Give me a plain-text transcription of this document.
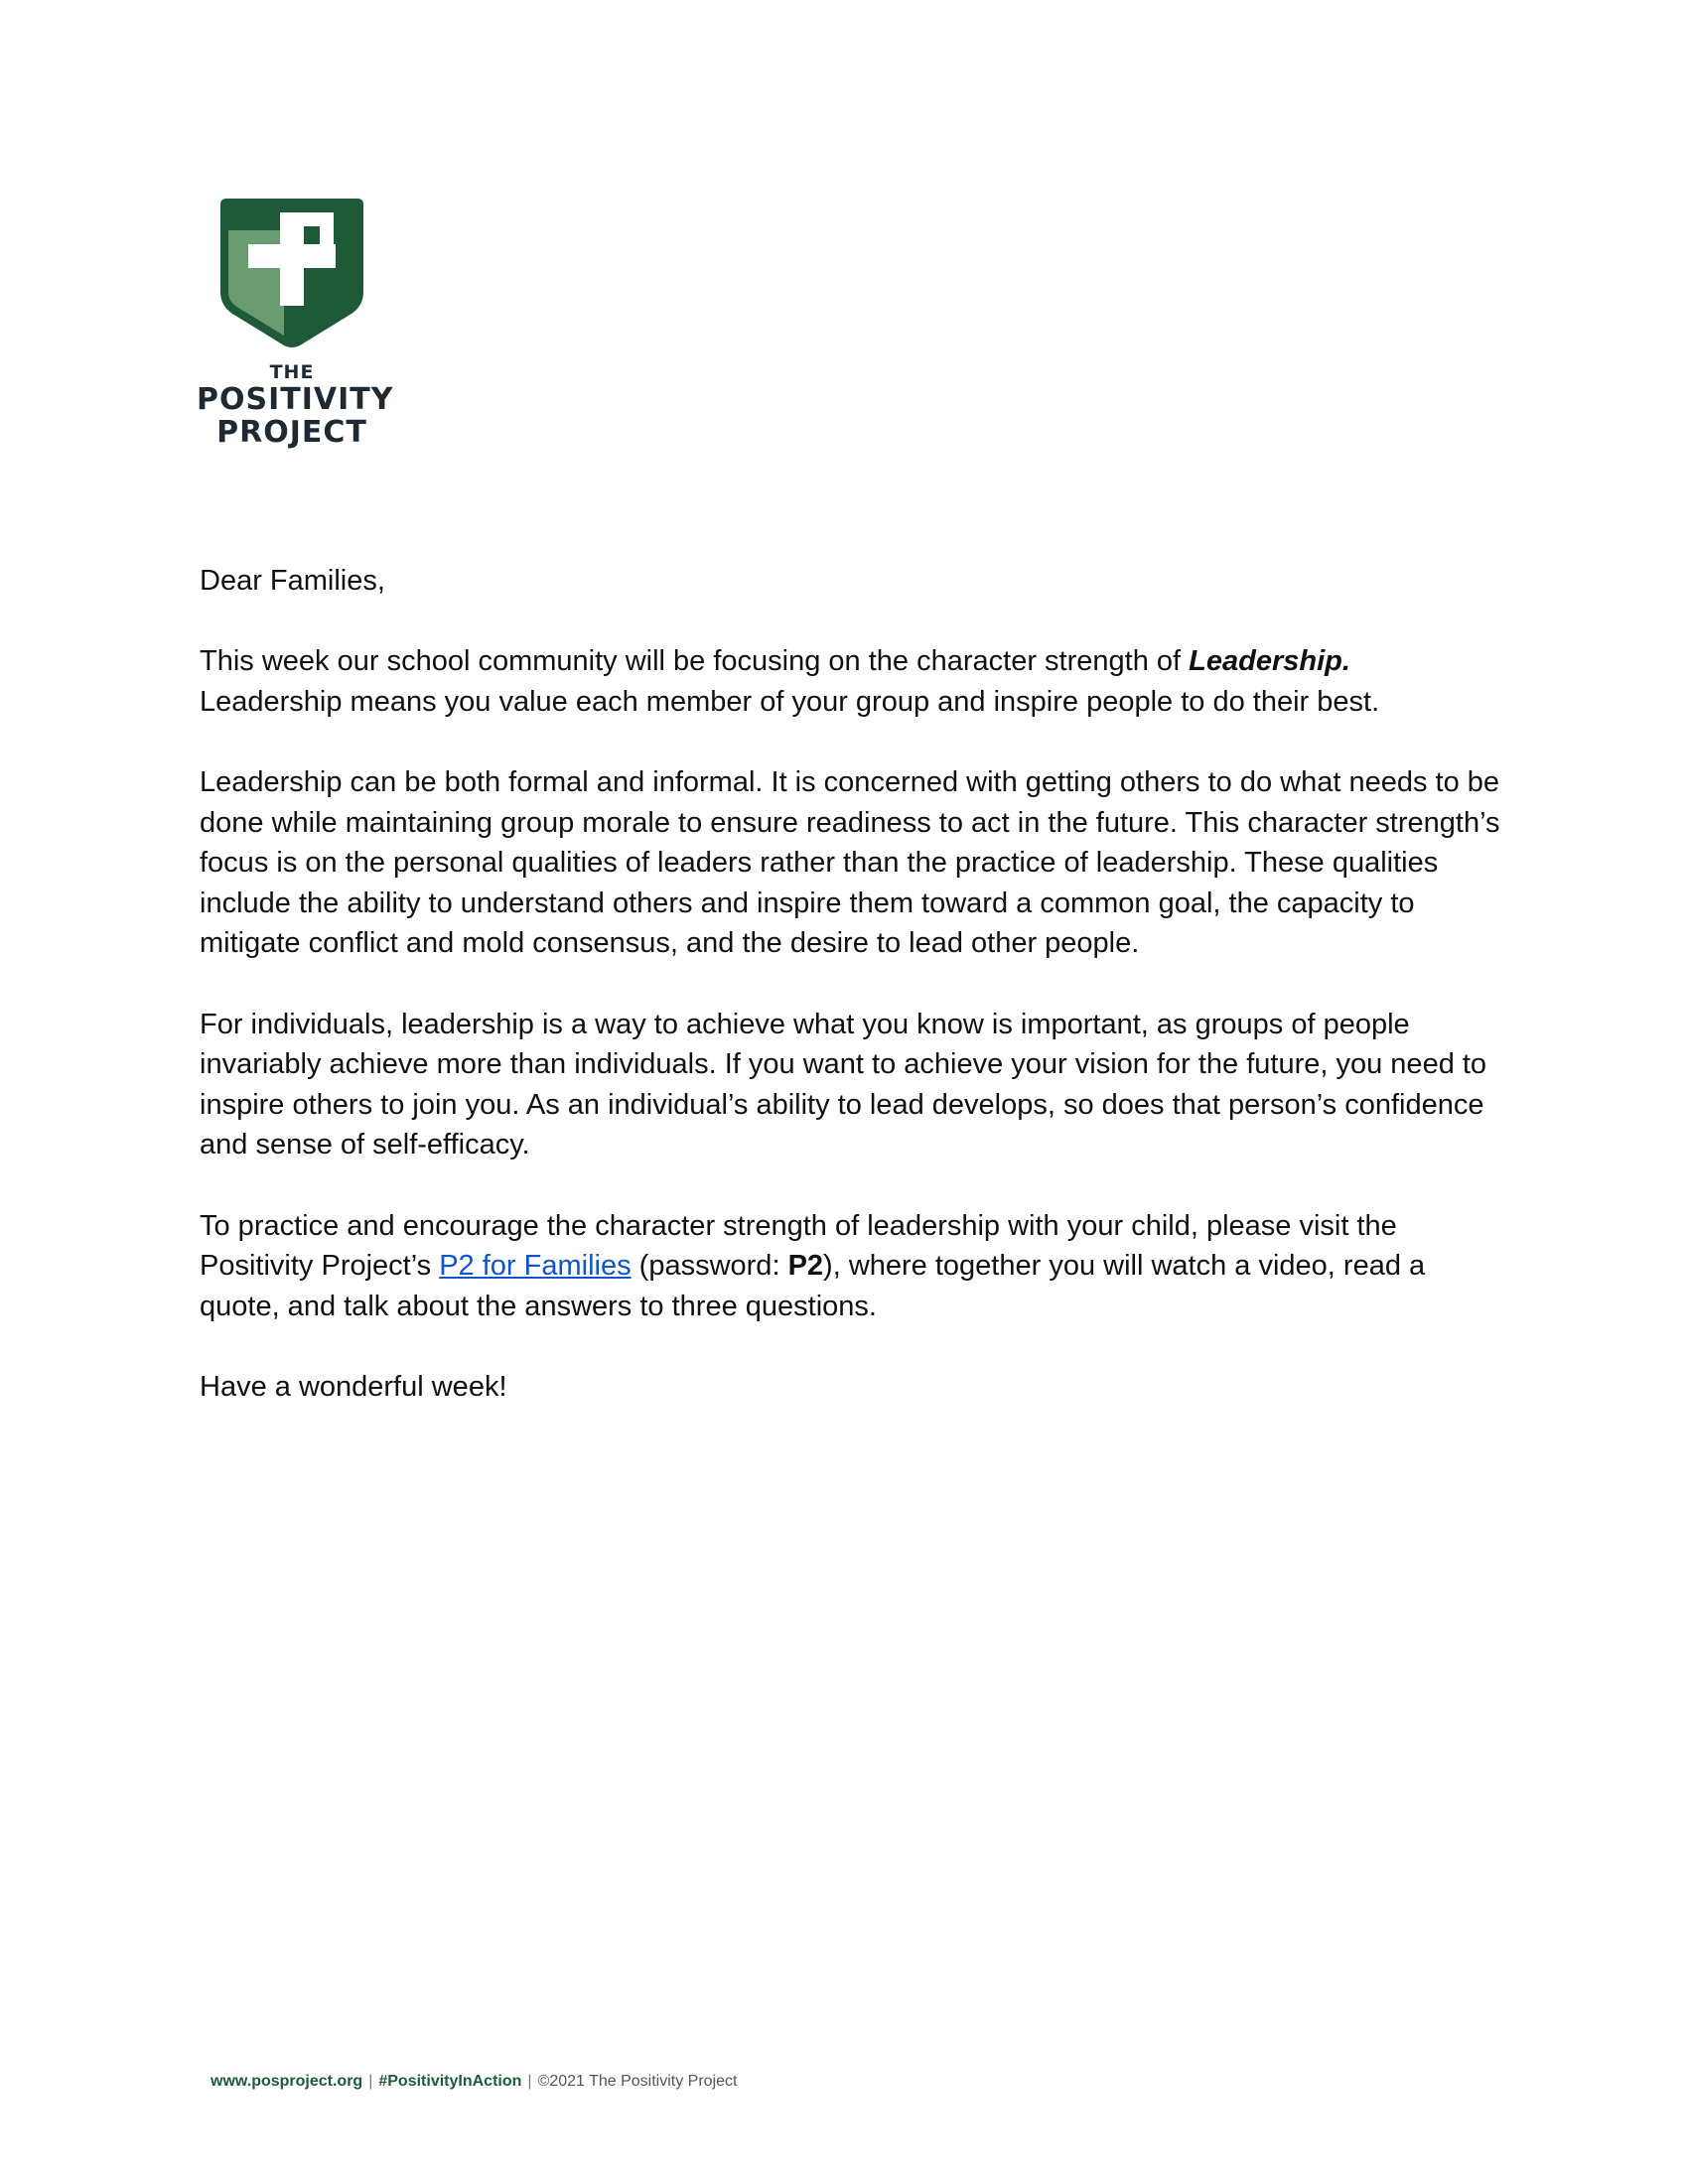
THE
POSITIVITY
PROJECT

Dear Families,

This week our school community will be focusing on the character strength of Leadership. Leadership means you value each member of your group and inspire people to do their best.

Leadership can be both formal and informal. It is concerned with getting others to do what needs to be done while maintaining group morale to ensure readiness to act in the future. This character strength’s focus is on the personal qualities of leaders rather than the practice of leadership. These qualities include the ability to understand others and inspire them toward a common goal, the capacity to mitigate conflict and mold consensus, and the desire to lead other people.

For individuals, leadership is a way to achieve what you know is important, as groups of people invariably achieve more than individuals. If you want to achieve your vision for the future, you need to inspire others to join you. As an individual’s ability to lead develops, so does that person’s confidence and sense of self-efficacy.

To practice and encourage the character strength of leadership with your child, please visit the Positivity Project’s P2 for Families (password: P2), where together you will watch a video, read a quote, and talk about the answers to three questions.

Have a wonderful week!

www.posproject.org | #PositivityInAction | ©2021 The Positivity Project
